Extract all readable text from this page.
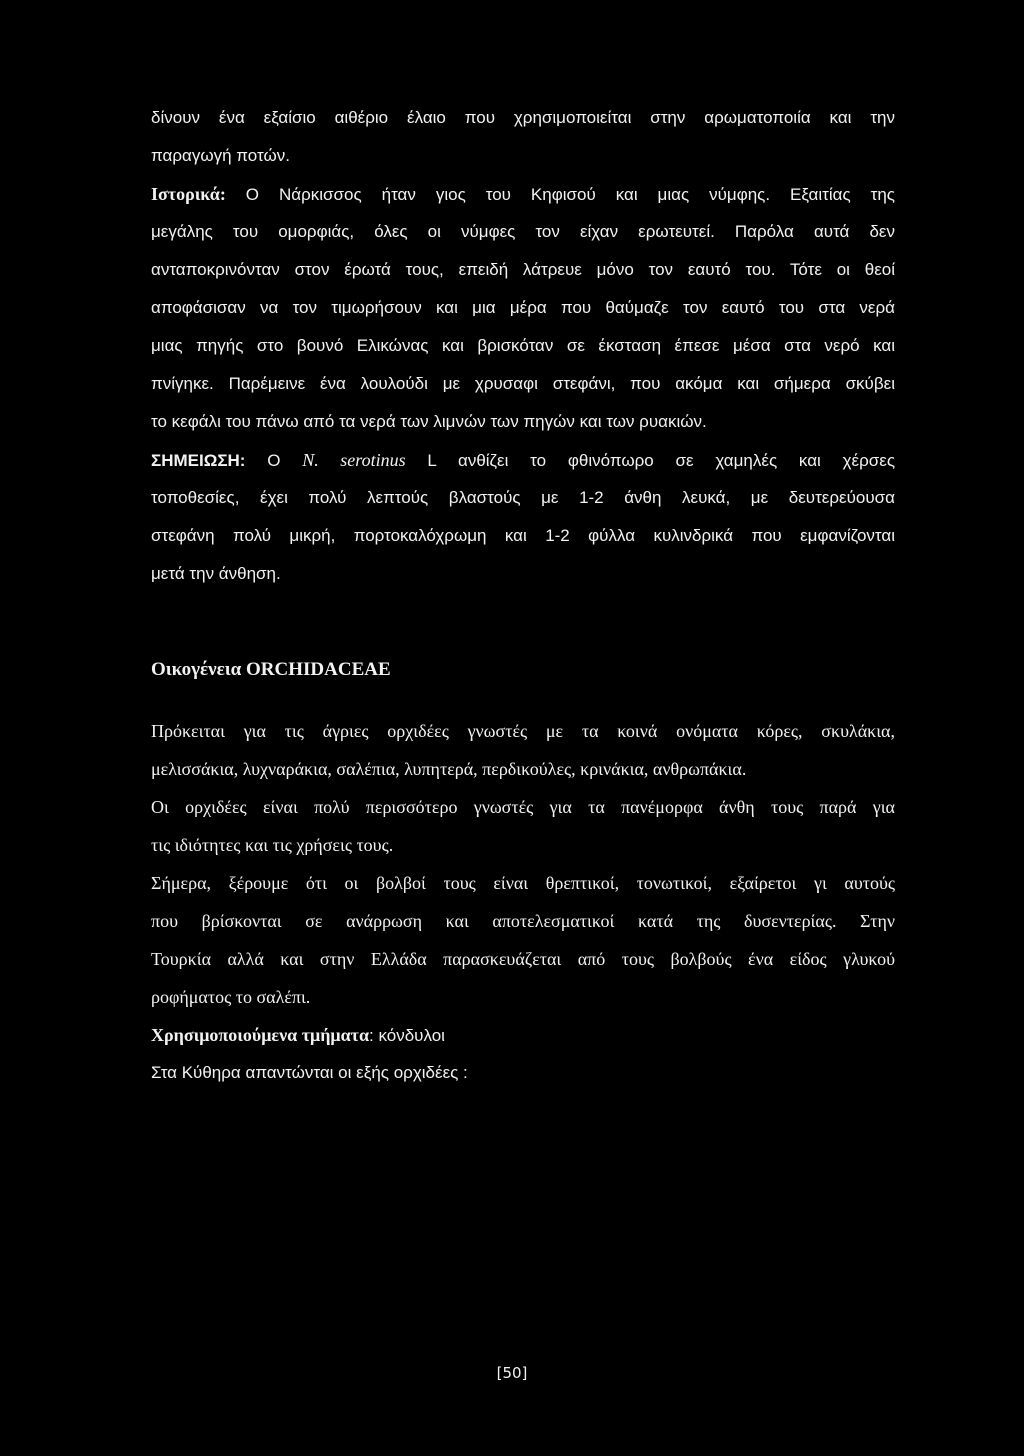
δίνουν ένα εξαίσιο αιθέριο έλαιο που χρησιμοποιείται στην αρωματοποιία και την
παραγωγή ποτών.
Ιστορικά: Ο Νάρκισσος ήταν γιος του Κηφισού και μιας νύμφης. Εξαιτίας της
μεγάλης του ομορφιάς, όλες οι νύμφες τον είχαν ερωτευτεί. Παρόλα αυτά δεν
ανταποκρινόνταν στον έρωτά τους, επειδή λάτρευε μόνο τον εαυτό του. Τότε οι θεοί
αποφάσισαν να τον τιμωρήσουν και μια μέρα που θαύμαζε τον εαυτό του στα νερά
μιας πηγής στο βουνό Ελικώνας και βρισκόταν σε έκσταση έπεσε μέσα στα νερό και
πνίγηκε. Παρέμεινε ένα λουλούδι με χρυσαφι στεφάνι, που ακόμα και σήμερα σκύβει
το κεφάλι του πάνω από τα νερά των λιμνών των πηγών και των ρυακιών.
ΣΗΜΕΙΩΣΗ: Ο Ν. serotinus L ανθίζει το φθινόπωρο σε χαμηλές και χέρσες
τοποθεσίες, έχει πολύ λεπτούς βλαστούς με 1-2 άνθη λευκά, με δευτερεύουσα
στεφάνη πολύ μικρή, πορτοκαλόχρωμη και 1-2 φύλλα κυλινδρικά που εμφανίζονται
μετά την άνθηση.
Οικογένεια ORCHIDACEAE
Πρόκειται για τις άγριες ορχιδέες γνωστές με τα κοινά ονόματα κόρες, σκυλάκια,
μελισσάκια, λυχναράκια, σαλέπια, λυπητερά, περδικούλες, κρινάκια, ανθρωπάκια.
Οι ορχιδέες είναι πολύ περισσότερο γνωστές για τα πανέμορφα άνθη τους παρά για
τις ιδιότητες και τις χρήσεις τους.
Σήμερα, ξέρουμε ότι οι βολβοί τους είναι θρεπτικοί, τονωτικοί, εξαίρετοι γι αυτούς
που βρίσκονται σε ανάρρωση και αποτελεσματικοί κατά της δυσεντερίας. Στην
Τουρκία αλλά και στην Ελλάδα παρασκευάζεται από τους βολβούς ένα είδος γλυκού
ροφήματος το σαλέπι.
Χρησιμοποιούμενα τμήματα: κόνδυλοι
Στα Κύθηρα απαντώνται οι εξής ορχιδέες :
[50]
